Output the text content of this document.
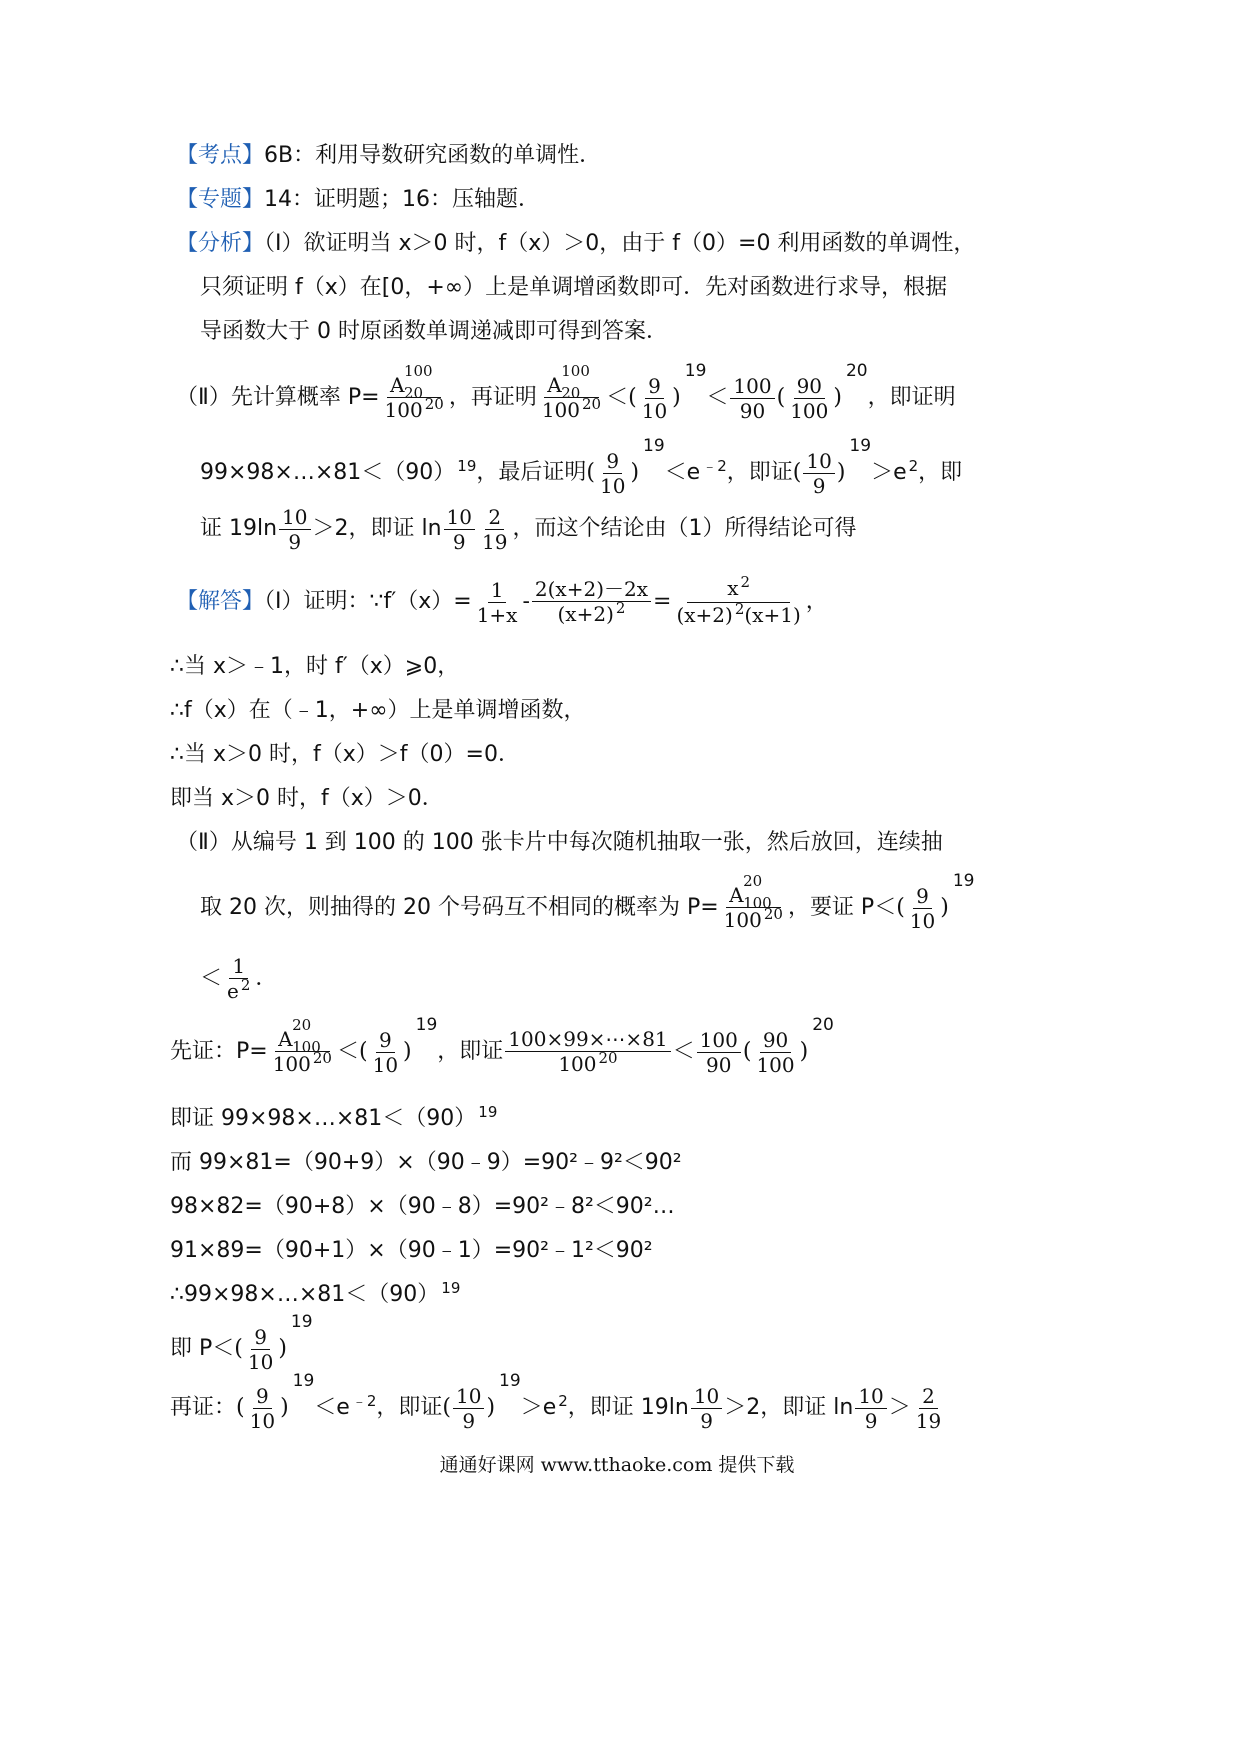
【考点】6B：利用导数研究函数的单调性．
【专题】14：证明题；16：压轴题．
【分析】（Ⅰ）欲证明当 x＞0 时，f（x）＞0，由于 f（0）=0 利用函数的单调性，
只须证明 f（x）在[0，+∞）上是单调增函数即可．先对函数进行求导，根据
导函数大于 0 时原函数单调递减即可得到答案．
（Ⅱ）先计算概率 P= A
100
20
100 $^{20}$ ，再证明 A
100
20
100 $^{20}$ ＜( $\frac{9}{10} )^{19}< \frac{100}{90}$ ( $\frac{90}{100} )^{20}$，即证明
99×98×…×81＜（90） $^{19}$，最后证明( $\frac{9}{10} )^{19}<e$ $^{﹣2}$，即证( $\frac{10}{9} )^{19}>e$ $^2$，即
证 $19\ln \frac{10}{9} >2$，即证 $\ln \frac{10}{9} \frac{2}{19}$ ，而这个结论由（1）所得结论可得
【解答】（Ⅰ）证明：∵f′（x）= $\frac{1}{1+x} - \frac{2(x+2)-2x}{(x+2) ^2} = \frac{x ^2}{(x+2) ^2(x+1)}$ ，
∴当 x＞﹣1，时 f′（x）⩾0，
∴f（x）在（﹣1，+∞）上是单调增函数，
∴当 x＞0 时，f（x）＞f（0）=0．
即当 x＞0 时，f（x）＞0．
（Ⅱ）从编号 1 到 100 的 100 张卡片中每次随机抽取一张，然后放回，连续抽
取 20 次，则抽得的 20 个号码互不相同的概率为 P= A
20
100
100 $^{20}$ ，要证 $P<( \frac{9}{10} )^{19}$
＜ $\frac{1}{e ^2}$ ．
先证：P= A
20
100
100 $^{20}$ ＜( $\frac{9}{10} )^{19}$，即证 $\frac{100\times 99\times\cdots\times 81}{100 ^{20}} < \frac{100}{90}$ ( $\frac{90}{100} )^{20}$
即证 99×98×…×81＜（90） $^{19}$
而 99×81=（90+9）×（90﹣9）=90²﹣9²＜90²
98×82=（90+8）×（90﹣8）=90²﹣8²＜90²…
91×89=（90+1）×（90﹣1）=90²﹣1²＜90²
∴99×98×…×81＜（90） $^{19}$
即 $P<( \frac{9}{10} )^{19}$
再证：( $\frac{9}{10} )^{19}<e$ $^{﹣2}$，即证( $\frac{10}{9} )^{19}>e$ $^2$，即证 $19\ln \frac{10}{9} >2$，即证 $\ln \frac{10}{9} > \frac{2}{19}$
通通好课网 www.tthaoke.com 提供下载
